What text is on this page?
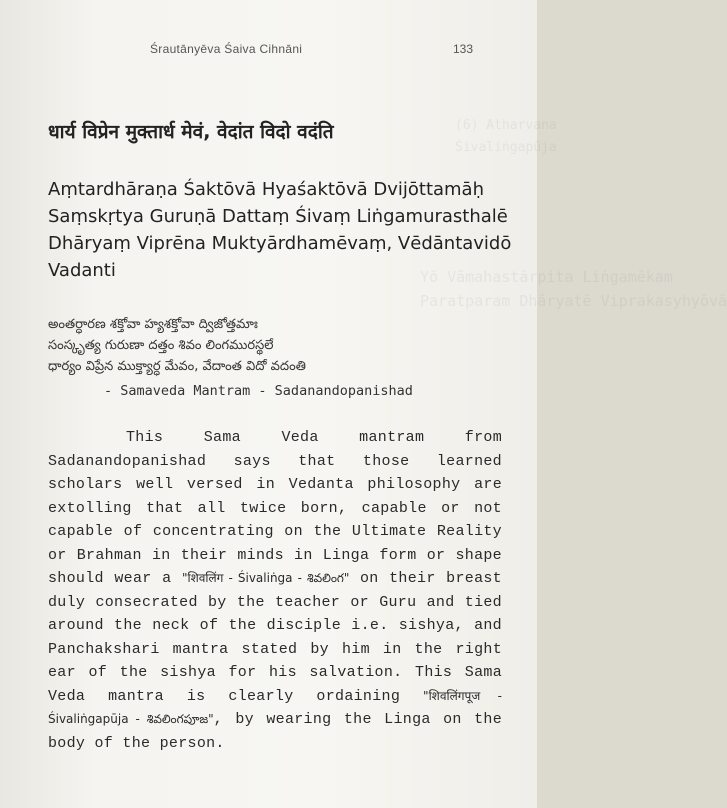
(6) Atharvana
Śivaliṅgapūja
Yō Vāmahastārpita Liṅgamēkam
Paratparam Dhāryatē Viprakasyhyōvā
Śrautānyēva Śaiva Cihnāni	133
धार्य विप्रेन मुक्तार्ध मेवं, वेदांत विदो वदंति
Aṃtardhāraṇa Śaktōvā Hyaśaktōvā Dvijōttamāḥ
Saṃskṛtya Guruṇā Dattaṃ Śivaṃ Liṅgamurasthalē
Dhāryaṃ Viprēna Muktyārdhamēvaṃ, Vēdāntavidō
Vadanti
అంతర్ధారణ శక్తోవా హ్యశక్తోవా ద్విజోత్తమాః
సంస్కృత్య గురుణా దత్తం శివం లింగమురస్థలే
ధార్యం విప్రేన ముక్త్యార్ధ మేవం, వేదాంత విదో వదంతి
- Samaveda Mantram - Sadanandopanishad
This Sama Veda mantram from Sadanandopanishad says that those learned scholars well versed in Vedanta philosophy are extolling that all twice born, capable or not capable of concentrating on the Ultimate Reality or Brahman in their minds in Linga form or shape should wear a "शिवलिंग - Śivaliṅga - శివలింగ" on their breast duly consecrated by the teacher or Guru and tied around the neck of the disciple i.e. sishya, and Panchakshari mantra stated by him in the right ear of the sishya for his salvation. This Sama Veda mantra is clearly ordaining "शिवलिंगपूज - Śivaliṅgapūja - శివలింగపూజ", by wearing the Linga on the body of the person.
